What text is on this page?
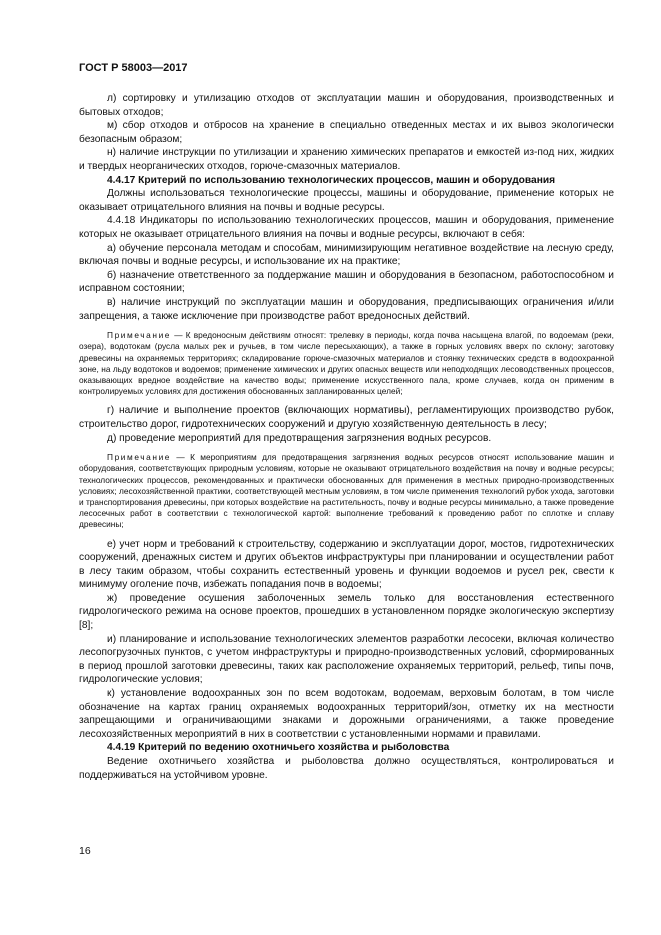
ГОСТ Р 58003—2017

л) сортировку и утилизацию отходов от эксплуатации машин и оборудования, производственных и бытовых отходов;

м) сбор отходов и отбросов на хранение в специально отведенных местах и их вывоз экологически безопасным образом;

н) наличие инструкции по утилизации и хранению химических препаратов и емкостей из-под них, жидких и твердых неорганических отходов, горюче-смазочных материалов.

4.4.17 Критерий по использованию технологических процессов, машин и оборудования

Должны использоваться технологические процессы, машины и оборудование, применение которых не оказывает отрицательного влияния на почвы и водные ресурсы.

4.4.18 Индикаторы по использованию технологических процессов, машин и оборудования, применение которых не оказывает отрицательного влияния на почвы и водные ресурсы, включают в себя:

а) обучение персонала методам и способам, минимизирующим негативное воздействие на лесную среду, включая почвы и водные ресурсы, и использование их на практике;

б) назначение ответственного за поддержание машин и оборудования в безопасном, работоспособном и исправном состоянии;

в) наличие инструкций по эксплуатации машин и оборудования, предписывающих ограничения и/или запрещения, а также исключение при производстве работ вредоносных действий.

Примечание — К вредоносным действиям относят: трелевку в периоды, когда почва насыщена влагой, по водоемам (реки, озера), водотокам (русла малых рек и ручьев, в том числе пересыхающих), а также в горных условиях вверх по склону; заготовку древесины на охраняемых территориях; складирование горюче-смазочных материалов и стоянку технических средств в водоохранной зоне, на льду водотоков и водоемов; применение химических и других опасных веществ или неподходящих лесоводственных процессов, оказывающих вредное воздействие на качество воды; применение искусственного пала, кроме случаев, когда он применим в контролируемых условиях для достижения обоснованных запланированных целей;

г) наличие и выполнение проектов (включающих нормативы), регламентирующих производство рубок, строительство дорог, гидротехнических сооружений и другую хозяйственную деятельность в лесу;

д) проведение мероприятий для предотвращения загрязнения водных ресурсов.

Примечание — К мероприятиям для предотвращения загрязнения водных ресурсов относят использование машин и оборудования, соответствующих природным условиям, которые не оказывают отрицательного воздействия на почву и водные ресурсы; технологических процессов, рекомендованных и практически обоснованных для применения в местных природно-производственных условиях; лесохозяйственной практики, соответствующей местным условиям, в том числе применения технологий рубок ухода, заготовки и транспортирования древесины, при которых воздействие на растительность, почву и водные ресурсы минимально, а также проведение лесосечных работ в соответствии с технологической картой: выполнение требований к проведению работ по сплотке и сплаву древесины;

е) учет норм и требований к строительству, содержанию и эксплуатации дорог, мостов, гидротехнических сооружений, дренажных систем и других объектов инфраструктуры при планировании и осуществлении работ в лесу таким образом, чтобы сохранить естественный уровень и функции водоемов и русел рек, свести к минимуму оголение почв, избежать попадания почв в водоемы;

ж) проведение осушения заболоченных земель только для восстановления естественного гидрологического режима на основе проектов, прошедших в установленном порядке экологическую экспертизу [8];

и) планирование и использование технологических элементов разработки лесосеки, включая количество лесопогрузочных пунктов, с учетом инфраструктуры и природно-производственных условий, сформированных в период прошлой заготовки древесины, таких как расположение охраняемых территорий, рельеф, типы почв, гидрологические условия;

к) установление водоохранных зон по всем водотокам, водоемам, верховым болотам, в том числе обозначение на картах границ охраняемых водоохранных территорий/зон, отметку их на местности запрещающими и ограничивающими знаками и дорожными ограничениями, а также проведение лесохозяйственных мероприятий в них в соответствии с установленными нормами и правилами.

4.4.19 Критерий по ведению охотничьего хозяйства и рыболовства

Ведение охотничьего хозяйства и рыболовства должно осуществляться, контролироваться и поддерживаться на устойчивом уровне.

16
